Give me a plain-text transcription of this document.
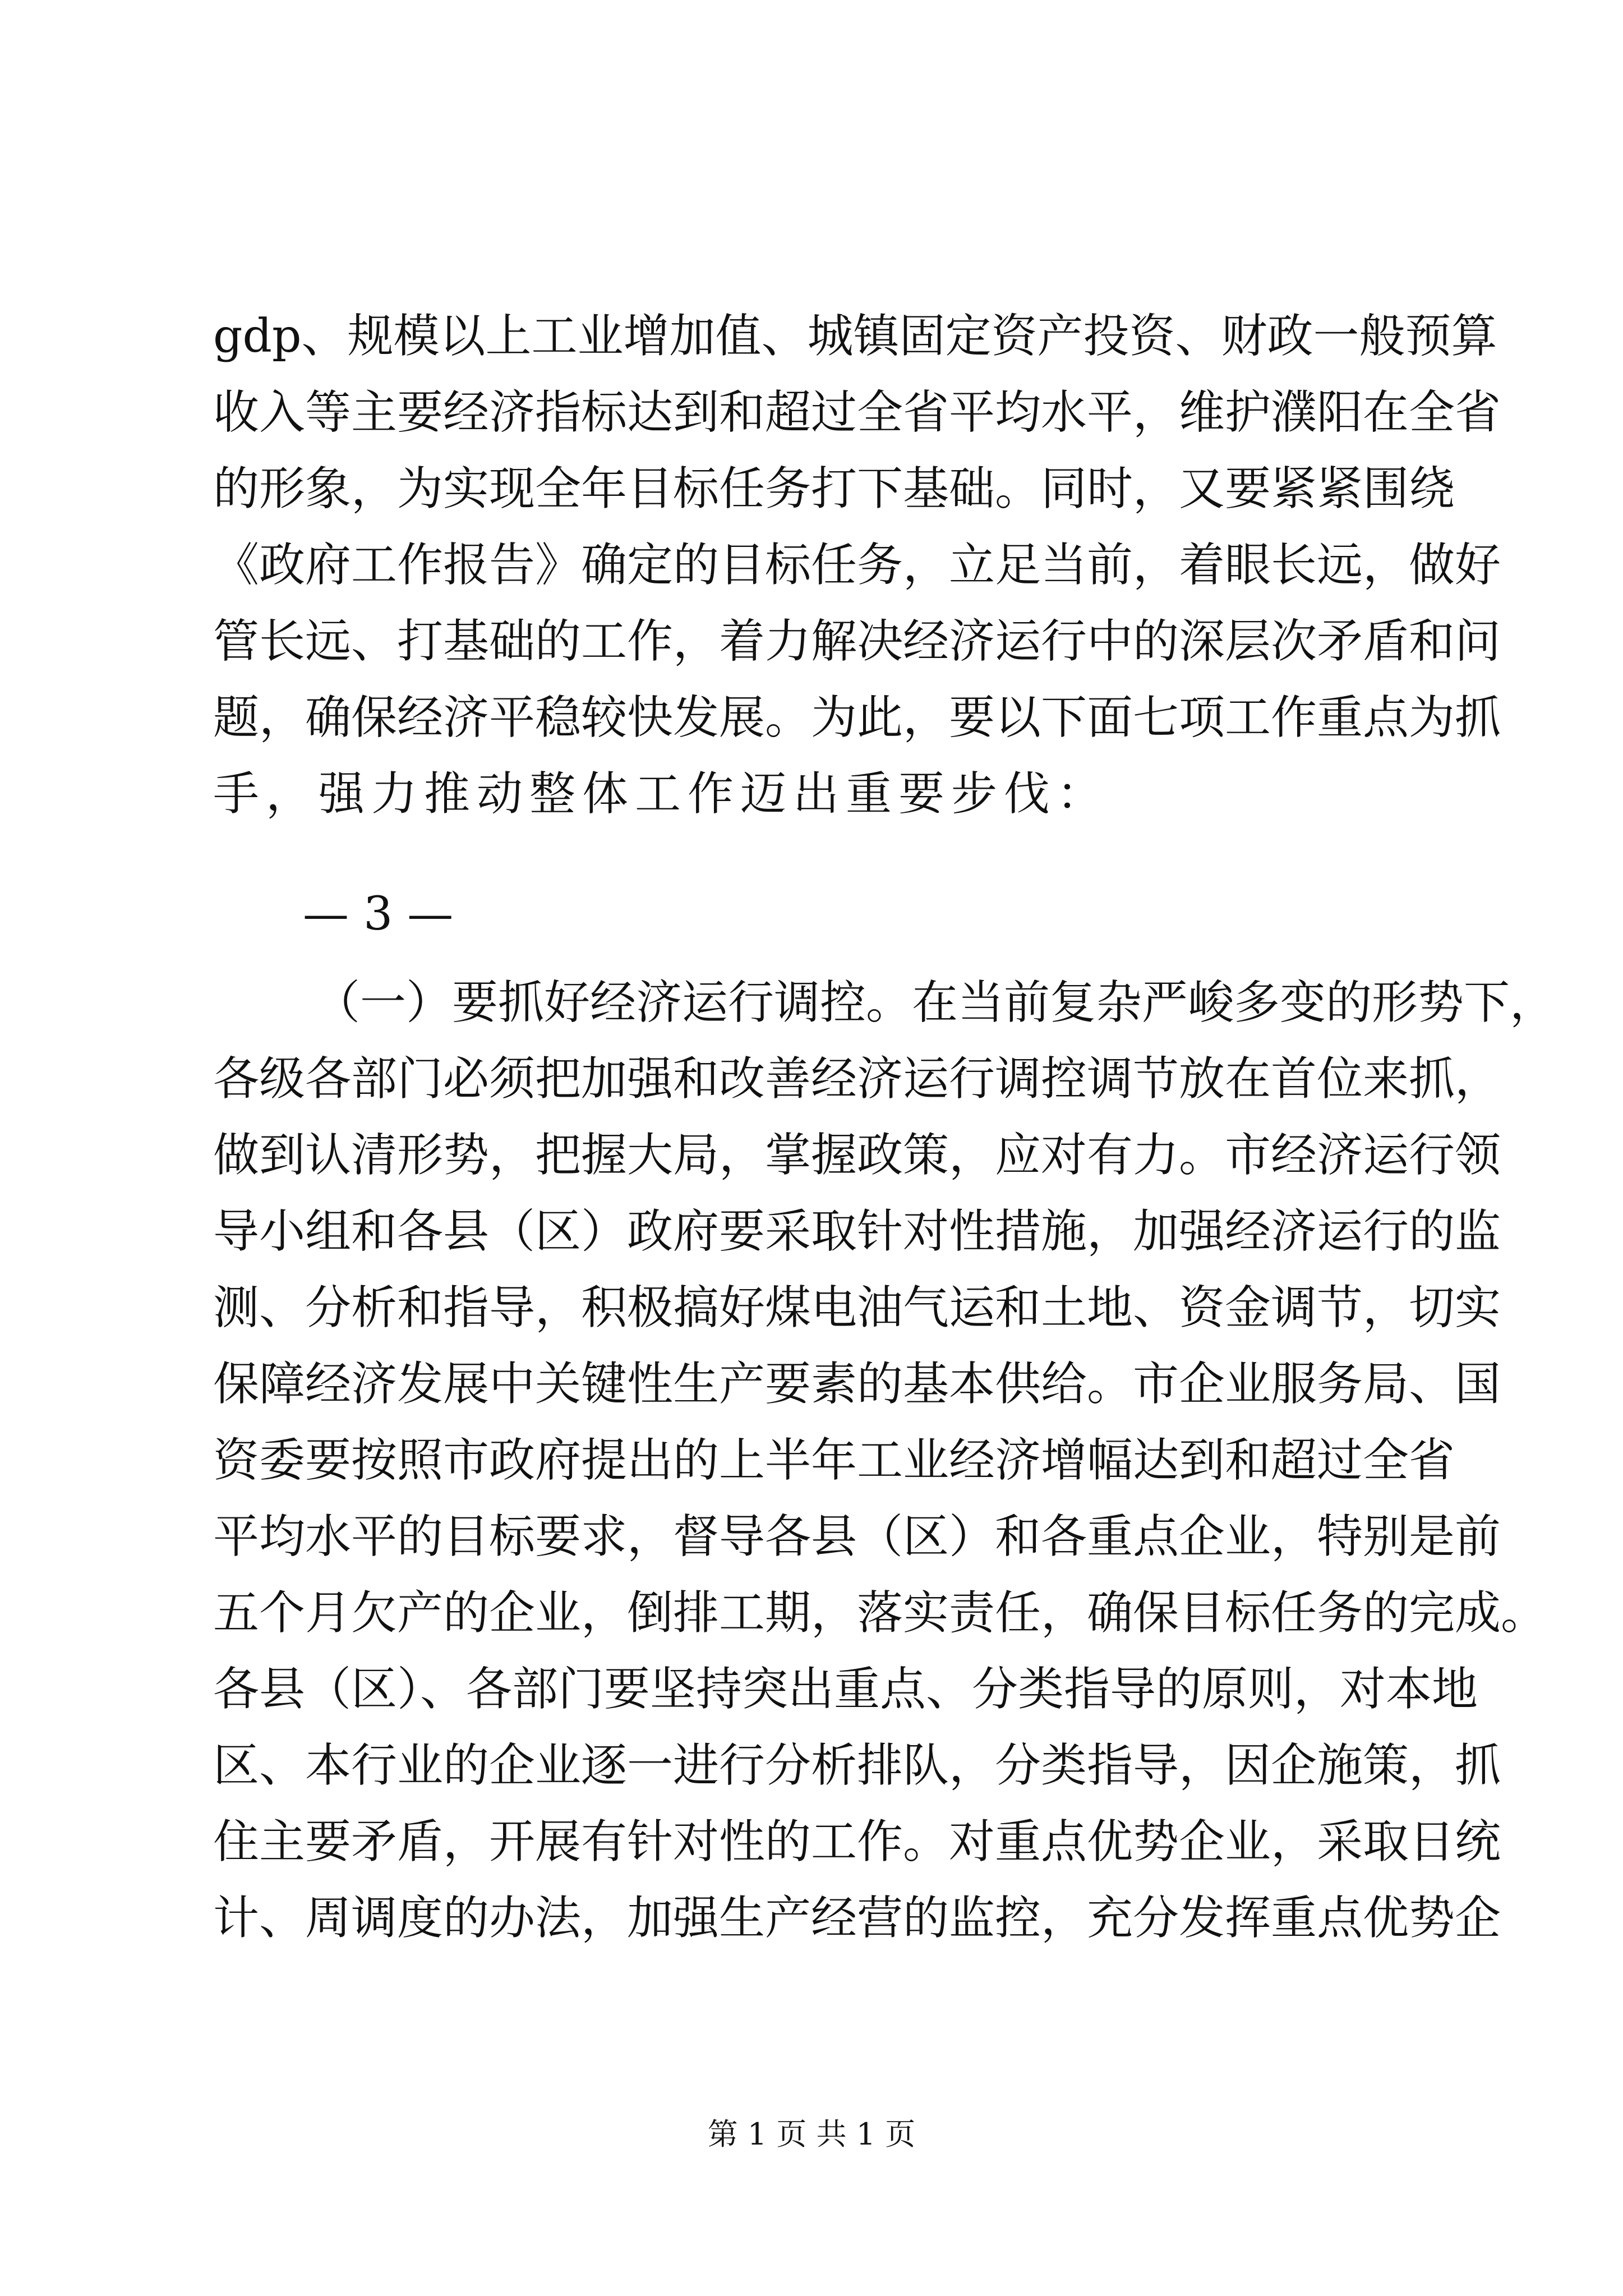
gdp、规模以上工业增加值、城镇固定资产投资、财政一般预算
收入等主要经济指标达到和超过全省平均水平，维护濮阳在全省
的形象，为实现全年目标任务打下基础。同时，又要紧紧围绕
《政府工作报告》确定的目标任务，立足当前，着眼长远，做好
管长远、打基础的工作，着力解决经济运行中的深层次矛盾和问
题，确保经济平稳较快发展。为此，要以下面七项工作重点为抓
手，强力推动整体工作迈出重要步伐：
— 3 —
（一）要抓好经济运行调控。在当前复杂严峻多变的形势下，
各级各部门必须把加强和改善经济运行调控调节放在首位来抓，
做到认清形势，把握大局，掌握政策，应对有力。市经济运行领
导小组和各县（区）政府要采取针对性措施，加强经济运行的监
测、分析和指导，积极搞好煤电油气运和土地、资金调节，切实
保障经济发展中关键性生产要素的基本供给。市企业服务局、国
资委要按照市政府提出的上半年工业经济增幅达到和超过全省
平均水平的目标要求，督导各县（区）和各重点企业，特别是前
五个月欠产的企业，倒排工期，落实责任，确保目标任务的完成。
各县（区）、各部门要坚持突出重点、分类指导的原则，对本地
区、本行业的企业逐一进行分析排队，分类指导，因企施策，抓
住主要矛盾，开展有针对性的工作。对重点优势企业，采取日统
计、周调度的办法，加强生产经营的监控，充分发挥重点优势企
第 1 页 共 1 页
